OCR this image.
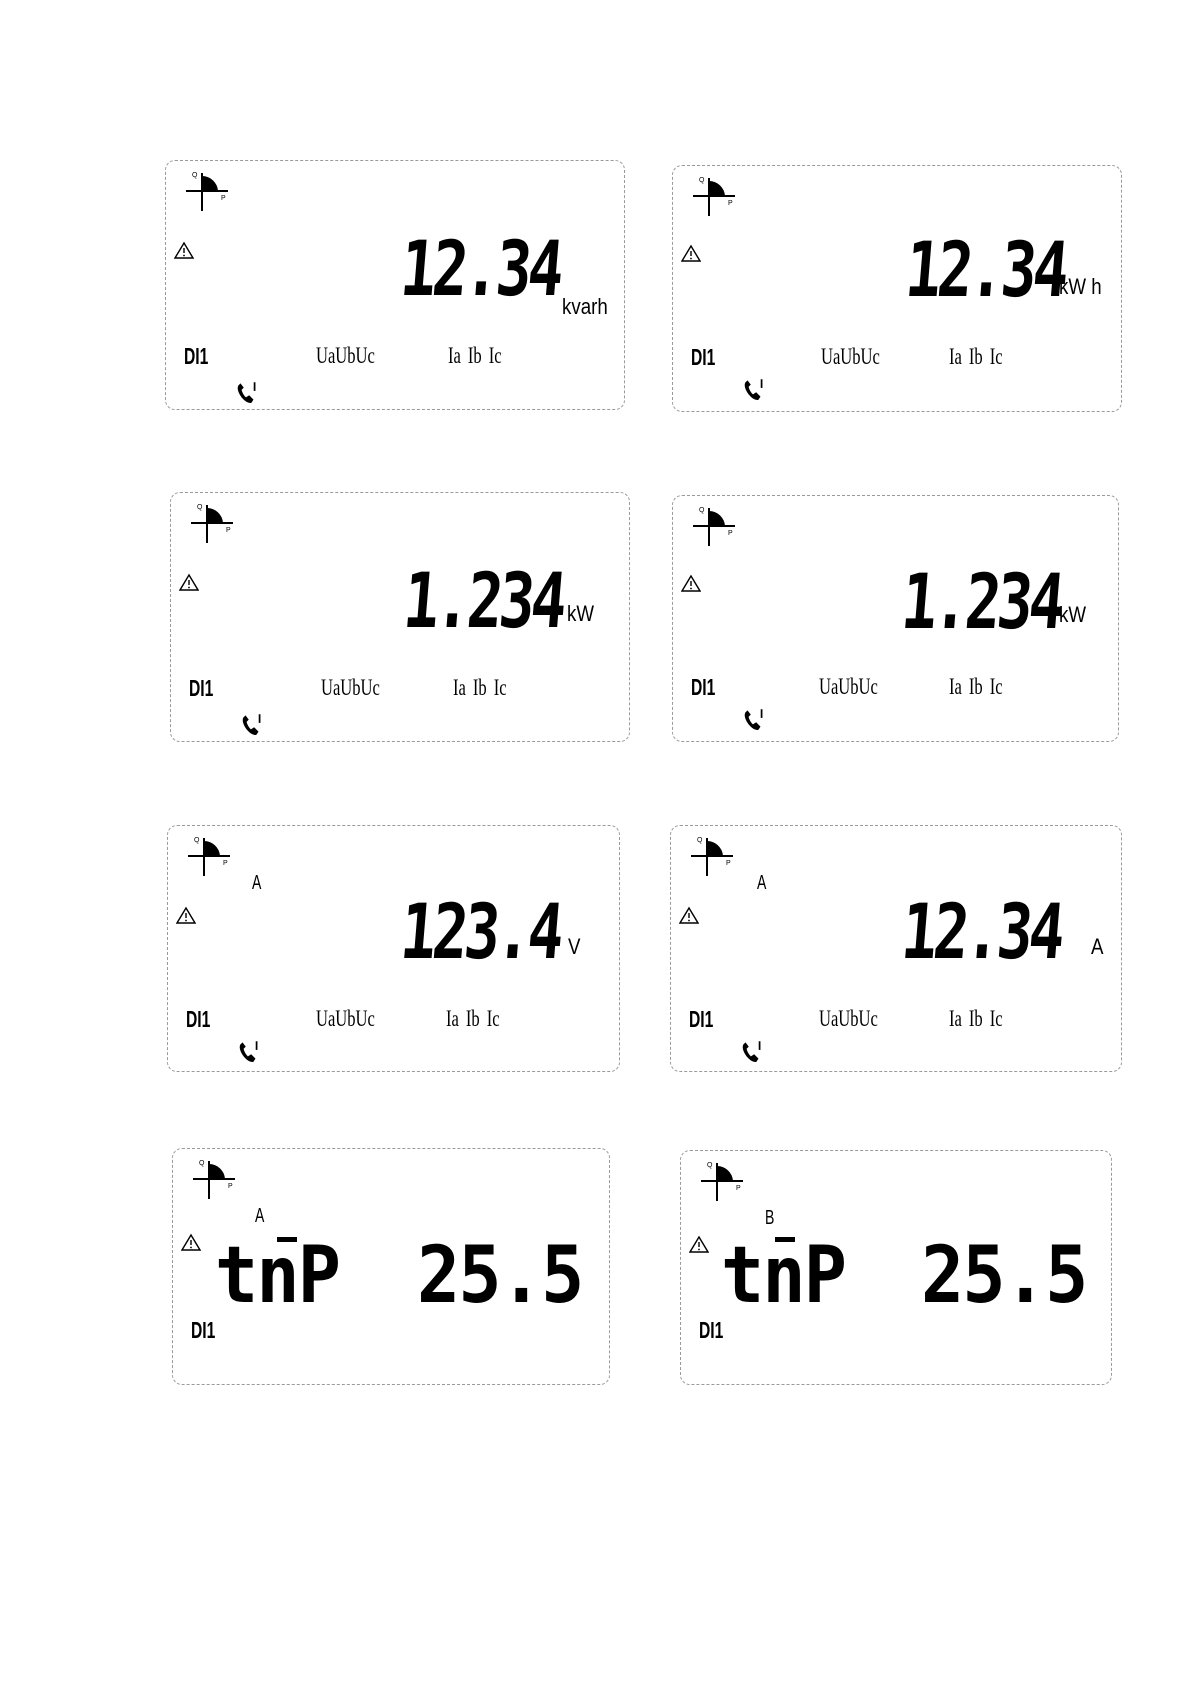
12.34
kvarh
DI1	UaUbUc	Ia Ib Ic
12.34
kW h
DI1	UaUbUc	Ia Ib Ic
1.234 kW
DI1	UaUbUc	Ia Ib Ic
1.234
kW
DI1	UaUbUc	Ia Ib Ic
A
123.4 V
DI1	UaUbUc	Ia Ib Ic
A
12.34 A
DI1	UaUbUc	Ia Ib Ic
A
tnP 25.5
DI1
B
tnP 25.5
DI1
